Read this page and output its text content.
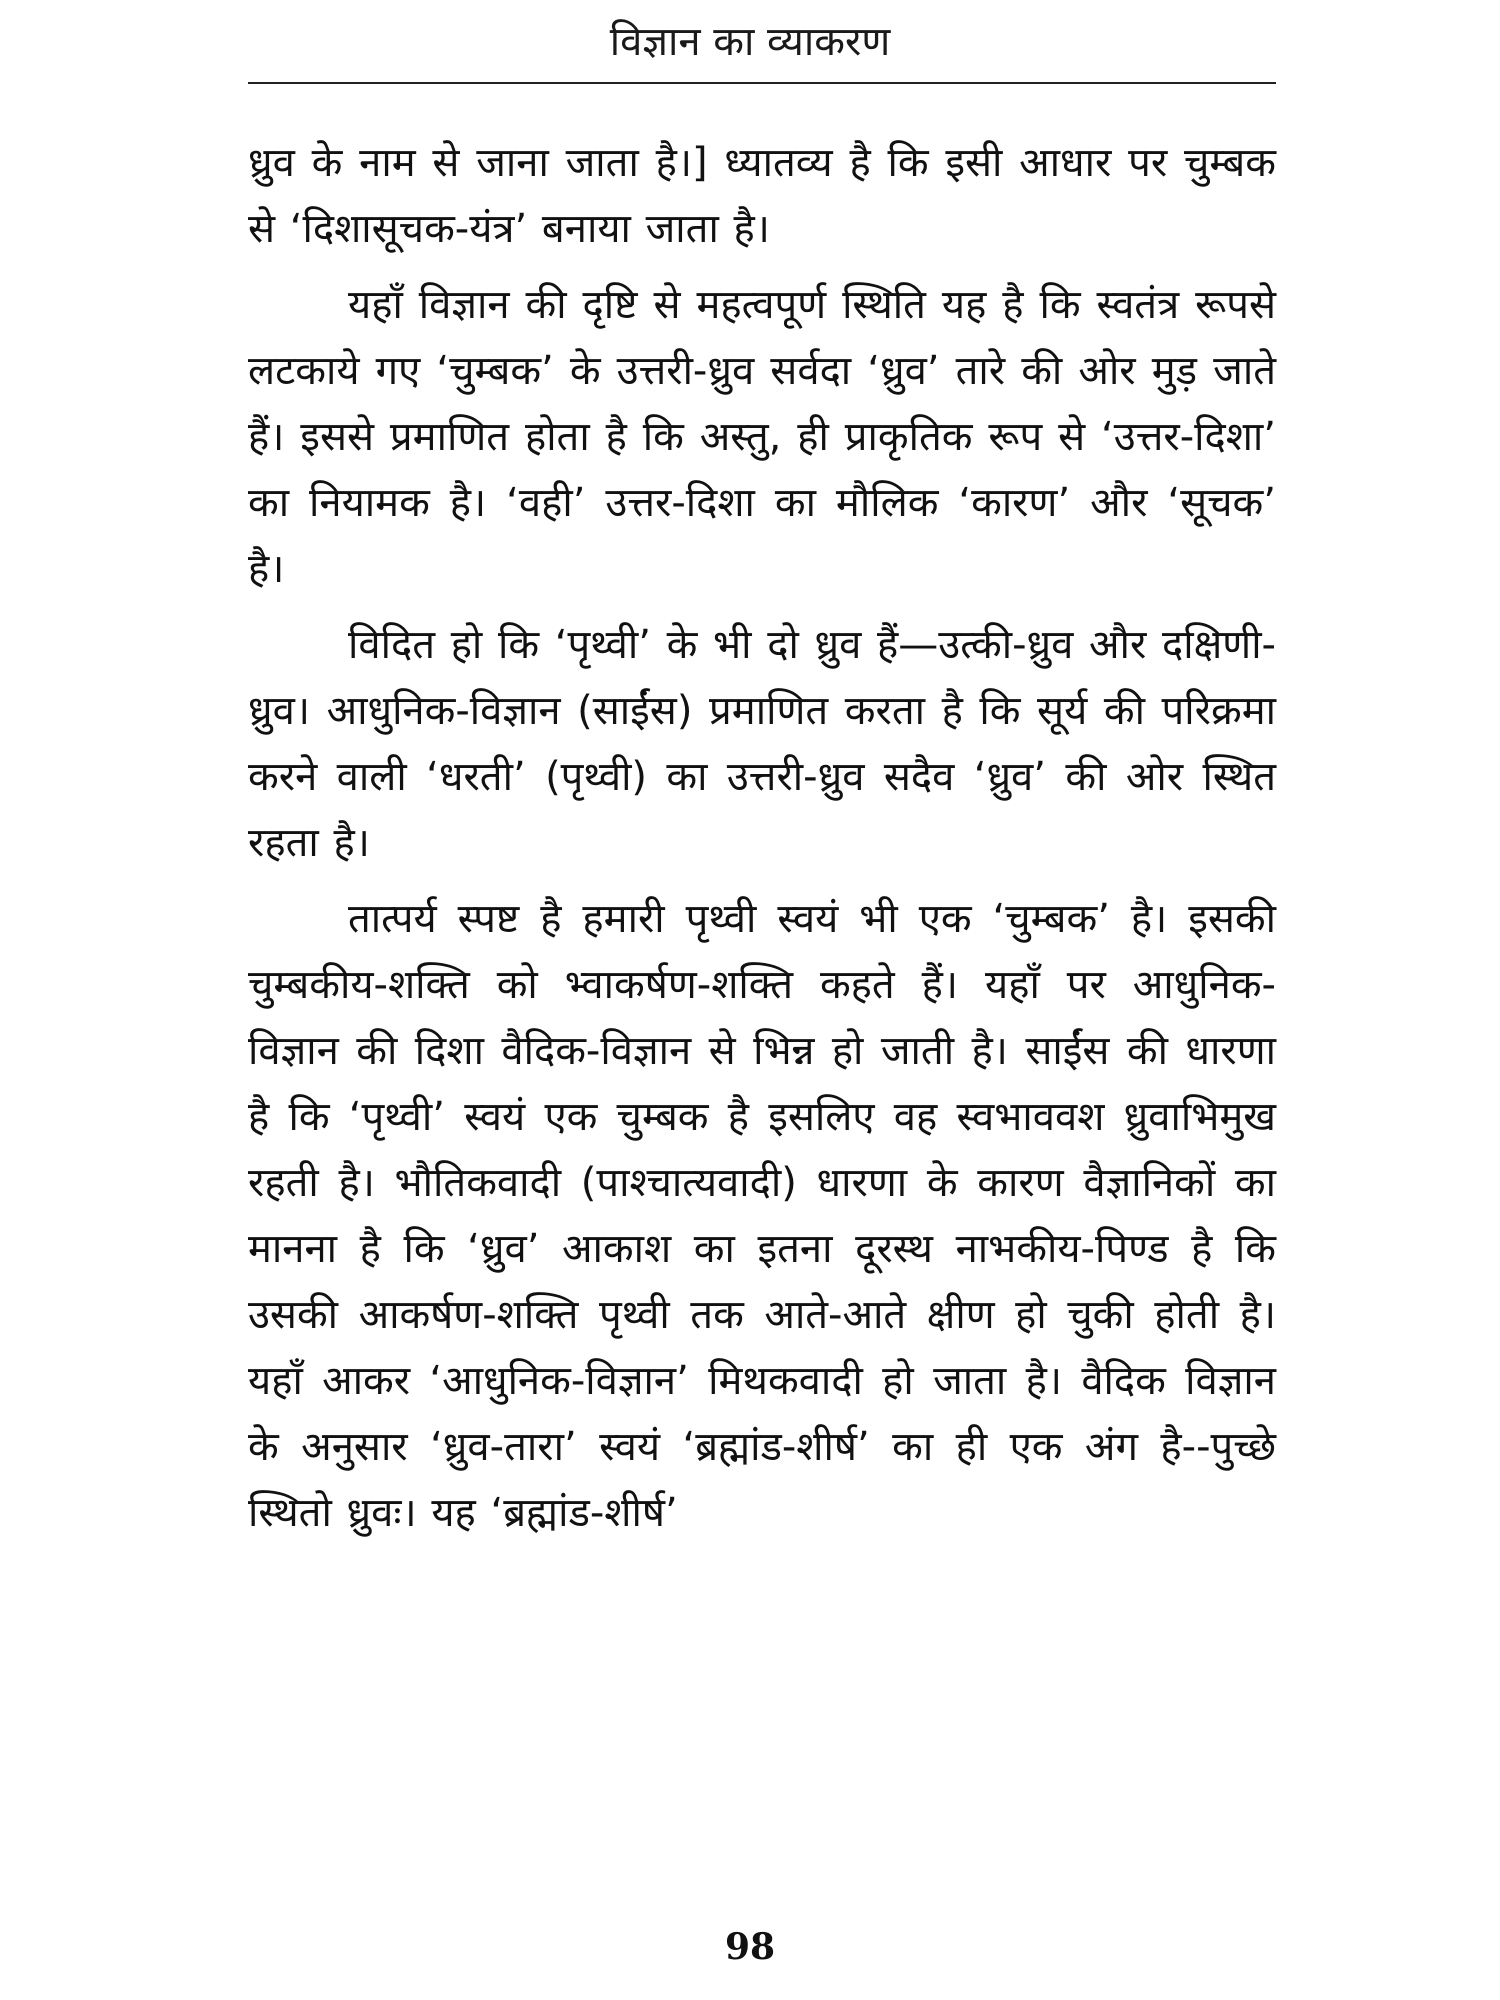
विज्ञान का व्याकरण

ध्रुव के नाम से जाना जाता है।] ध्यातव्य है कि इसी आधार पर चुम्बक से ‘दिशासूचक-यंत्र’ बनाया जाता है।

यहाँ विज्ञान की दृष्टि से महत्वपूर्ण स्थिति यह है कि स्वतंत्र रूपसे लटकाये गए ‘चुम्बक’ के उत्तरी-ध्रुव सर्वदा ‘ध्रुव’ तारे की ओर मुड़ जाते हैं। इससे प्रमाणित होता है कि अस्तु, ही प्राकृतिक रूप से ‘उत्तर-दिशा’ का नियामक है। ‘वही’ उत्तर-दिशा का मौलिक ‘कारण’ और ‘सूचक’ है।

विदित हो कि ‘पृथ्वी’ के भी दो ध्रुव हैं—उत्की-ध्रुव और दक्षिणी-ध्रुव। आधुनिक-विज्ञान (साईंस) प्रमाणित करता है कि सूर्य की परिक्रमा करने वाली ‘धरती’ (पृथ्वी) का उत्तरी-ध्रुव सदैव ‘ध्रुव’ की ओर स्थित रहता है।

तात्पर्य स्पष्ट है हमारी पृथ्वी स्वयं भी एक ‘चुम्बक’ है। इसकी चुम्बकीय-शक्ति को भ्वाकर्षण-शक्ति कहते हैं। यहाँ पर आधुनिक-विज्ञान की दिशा वैदिक-विज्ञान से भिन्न हो जाती है। साईंस की धारणा है कि ‘पृथ्वी’ स्वयं एक चुम्बक है इसलिए वह स्वभाववश ध्रुवाभिमुख रहती है। भौतिकवादी (पाश्चात्यवादी) धारणा के कारण वैज्ञानिकों का मानना है कि ‘ध्रुव’ आकाश का इतना दूरस्थ नाभकीय-पिण्ड है कि उसकी आकर्षण-शक्ति पृथ्वी तक आते-आते क्षीण हो चुकी होती है। यहाँ आकर ‘आधुनिक-विज्ञान’ मिथकवादी हो जाता है। वैदिक विज्ञान के अनुसार ‘ध्रुव-तारा’ स्वयं ‘ब्रह्मांड-शीर्ष’ का ही एक अंग है--पुच्छे स्थितो ध्रुवः। यह ‘ब्रह्मांड-शीर्ष’

98
